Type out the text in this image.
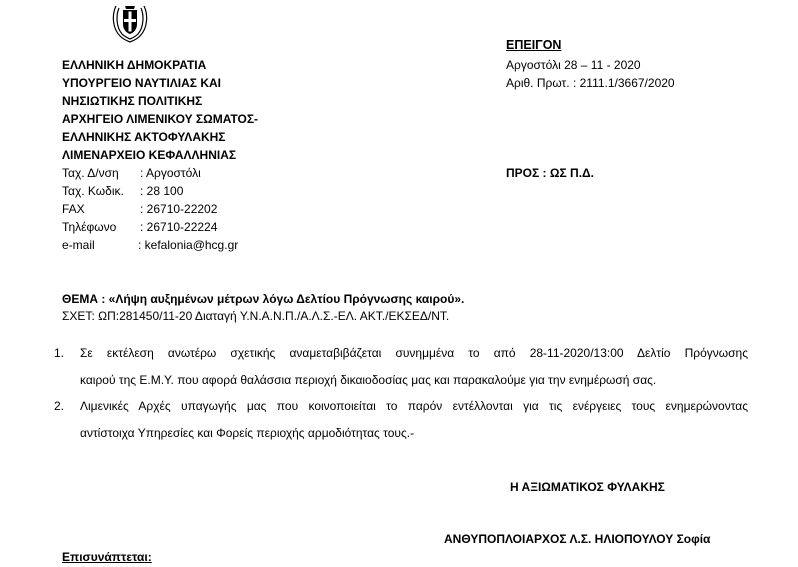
ΕΛΛΗΝΙΚΗ ΔΗΜΟΚΡΑΤΙΑ
ΥΠΟΥΡΓΕΙΟ ΝΑΥΤΙΛΙΑΣ ΚΑΙ
ΝΗΣΙΩΤΙΚΗΣ ΠΟΛΙΤΙΚΗΣ
ΑΡΧΗΓΕΙΟ ΛΙΜΕΝΙΚΟΥ ΣΩΜΑΤΟΣ-
ΕΛΛΗΝΙΚΗΣ ΑΚΤΟΦΥΛΑΚΗΣ
ΛΙΜΕΝΑΡΧΕΙΟ ΚΕΦΑΛΛΗΝΙΑΣ
Ταχ. Δ/νση : Αργοστόλι
Ταχ. Κωδικ. : 28 100
FAX	: 26710-22202
Τηλέφωνο : 26710-22224
e-mail	: kefalonia@hcg.gr
ΕΠΕΙΓΟΝ
Αργοστόλι 28 – 11 - 2020
Αριθ. Πρωτ. : 2111.1/3667/2020
ΠΡΟΣ : ΩΣ Π.Δ.
ΘΕΜΑ : «Λήψη αυξημένων μέτρων λόγω Δελτίου Πρόγνωσης καιρού».
ΣΧΕΤ: ΩΠ:281450/11-20 Διαταγή Υ.Ν.Α.Ν.Π./Α.Λ.Σ.-ΕΛ. ΑΚΤ./ΕΚΣΕΔ/ΝΤ.
1. Σε εκτέλεση ανωτέρω σχετικής αναμεταβιβάζεται συνημμένα το από 28-11-2020/13:00 Δελτίο Πρόγνωσης
καιρού της Ε.Μ.Υ. που αφορά θαλάσσια περιοχή δικαιοδοσίας μας και παρακαλούμε για την ενημέρωσή σας.
2. Λιμενικές Αρχές υπαγωγής μας που κοινοποιείται το παρόν εντέλλονται για τις ενέργειες τους ενημερώνοντας
αντίστοιχα Υπηρεσίες και Φορείς περιοχής αρμοδιότητας τους.-
Η ΑΞΙΩΜΑΤΙΚΟΣ ΦΥΛΑΚΗΣ
ΑΝΘΥΠΟΠΛΟΙΑΡΧΟΣ Λ.Σ. ΗΛΙΟΠΟΥΛΟΥ Σοφία
Επισυνάπτεται:
